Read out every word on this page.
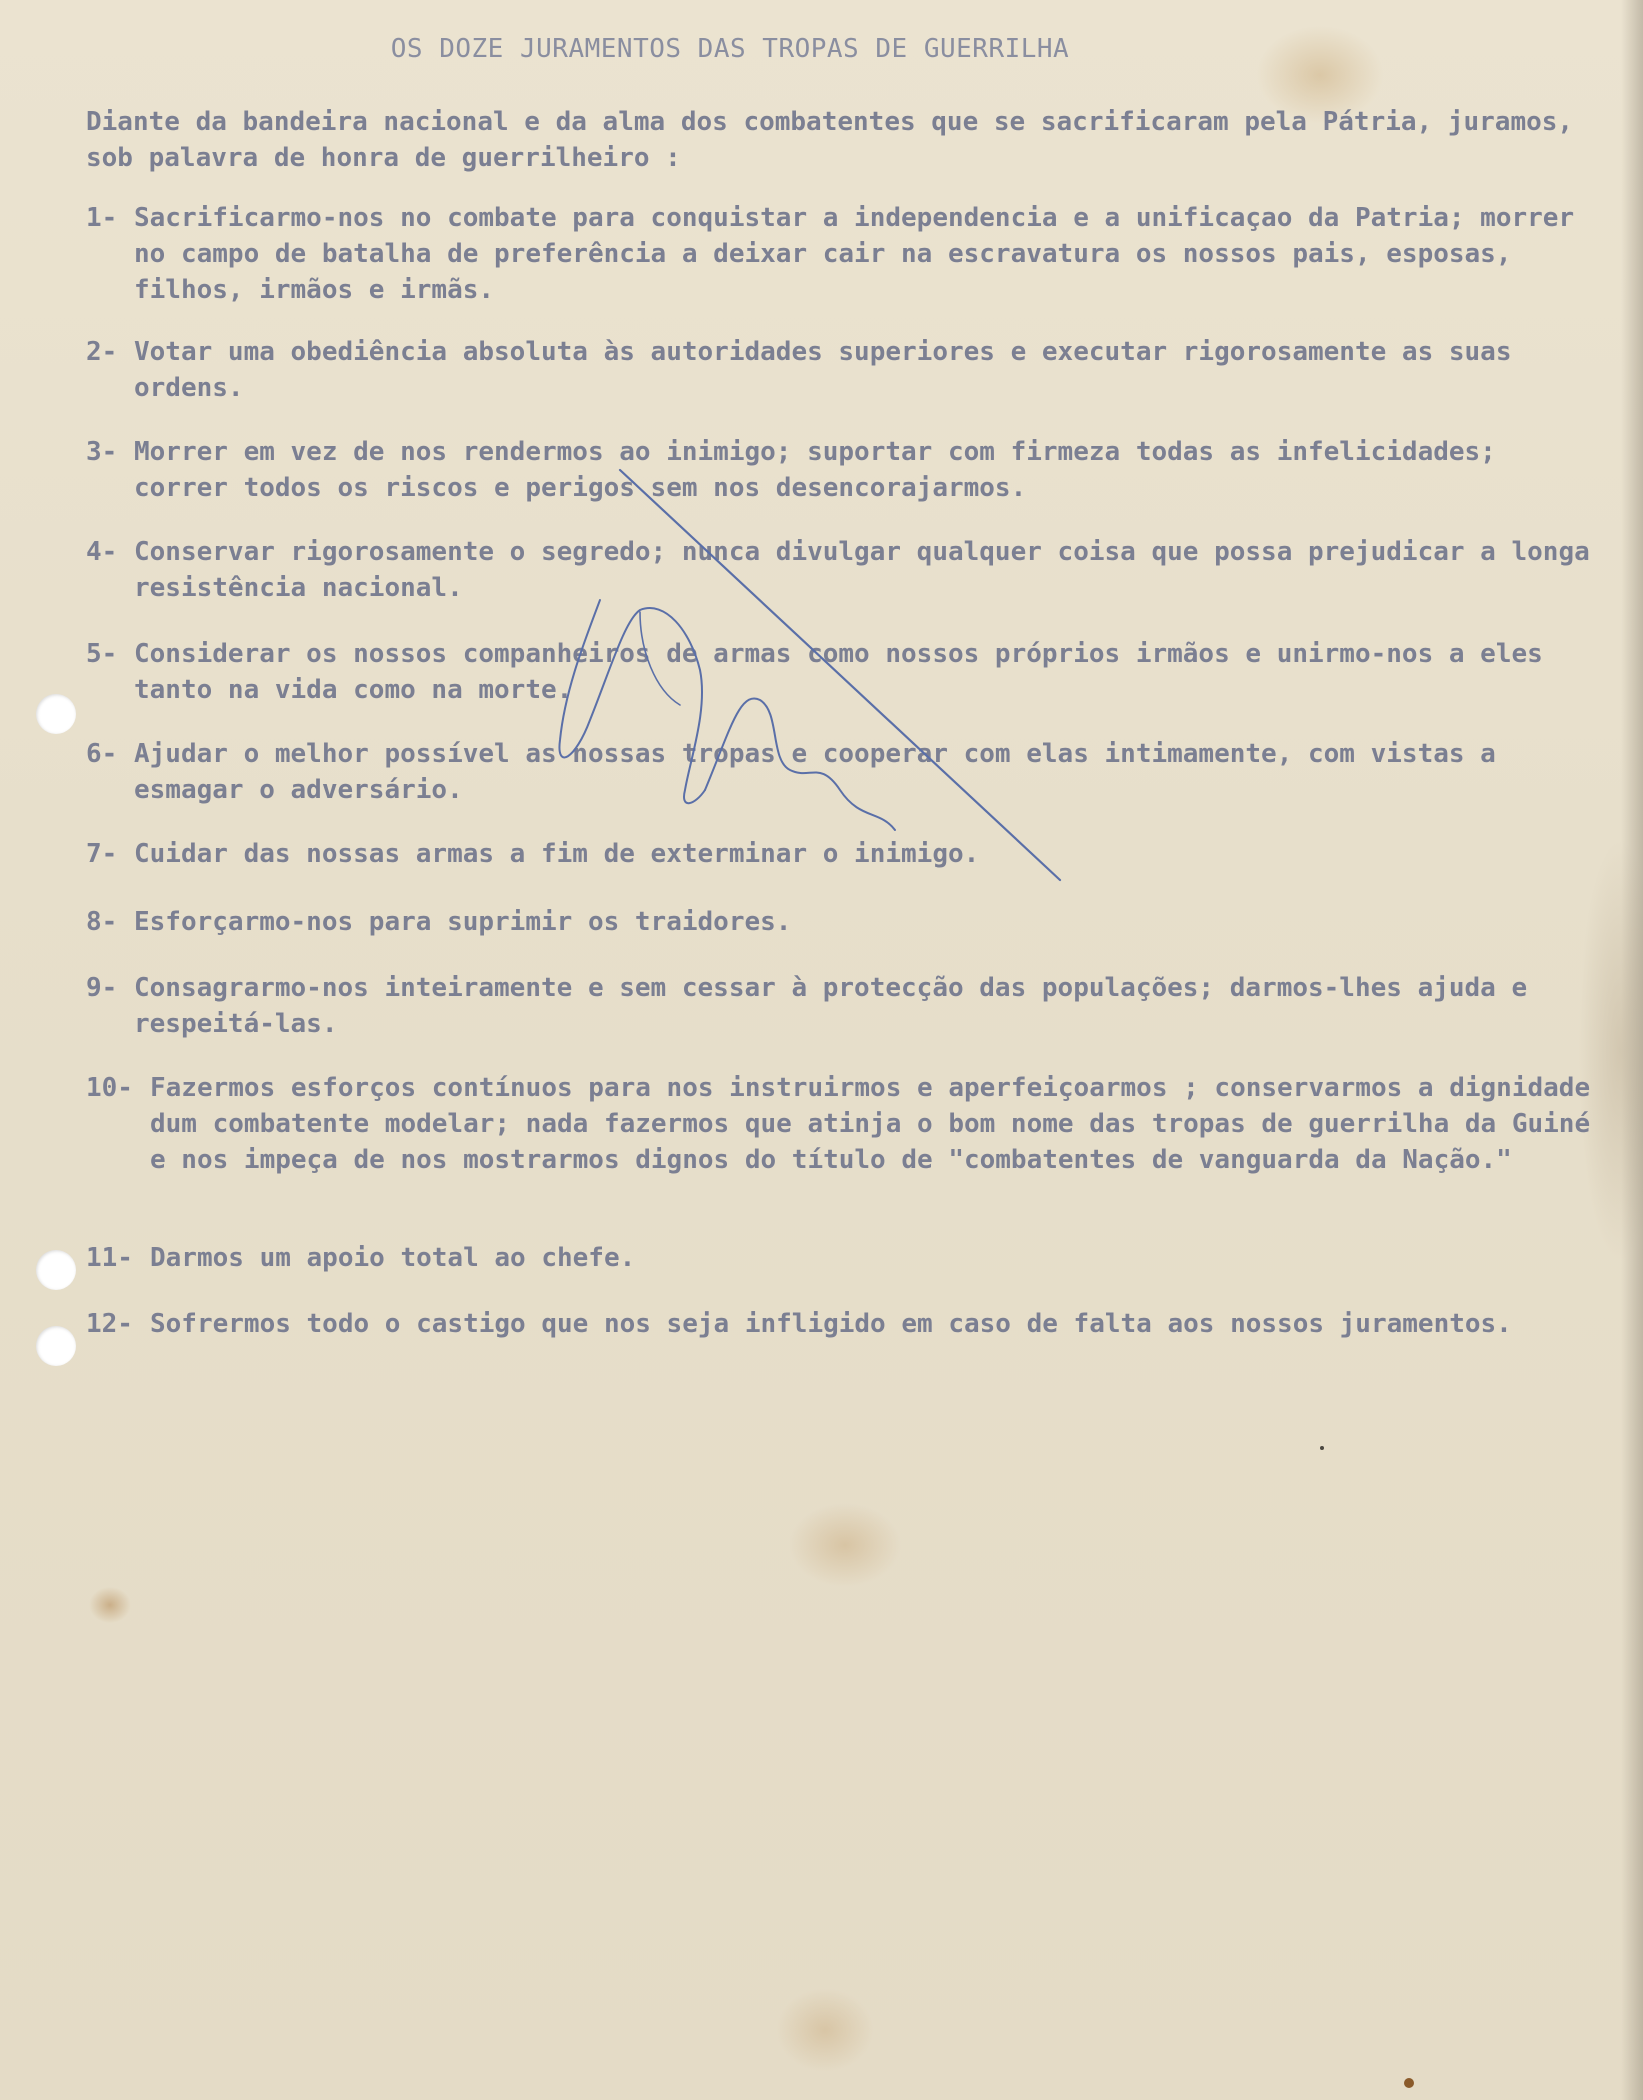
OS DOZE JURAMENTOS DAS TROPAS DE GUERRILHA

Diante da bandeira nacional e da alma dos combatentes que se sacrificaram pela Pátria, juramos, sob palavra de honra de guerrilheiro :

1- Sacrificarmo-nos no combate para conquistar a independencia e a unificaçao da Patria; morrer no campo de batalha de preferência a deixar cair na escravatura os nossos pais, esposas, filhos, irmãos e irmãs.
2- Votar uma obediência absoluta às autoridades superiores e executar rigorosamente as suas ordens.
3- Morrer em vez de nos rendermos ao inimigo; suportar com firmeza todas as infelicidades; correr todos os riscos e perigos sem nos desencorajarmos.
4- Conservar rigorosamente o segredo; nunca divulgar qualquer coisa que possa prejudicar a longa resistência nacional.
5- Considerar os nossos companheiros de armas como nossos próprios irmãos e unirmo-nos a eles tanto na vida como na morte.
6- Ajudar o melhor possível as nossas tropas e cooperar com elas intimamente, com vistas a esmagar o adversário.
7- Cuidar das nossas armas a fim de exterminar o inimigo.
8- Esforçarmo-nos para suprimir os traidores.
9- Consagrarmo-nos inteiramente e sem cessar à protecção das populações; darmos-lhes ajuda e respeitá-las.
10- Fazermos esforços contínuos para nos instruirmos e aperfeiçoarmos ; conservarmos a dignidade dum combatente modelar; nada fazermos que atinja o bom nome das tropas de guerrilha da Guiné e nos impeça de nos mostrarmos dignos do título de "combatentes de vanguarda da Nação."
11- Darmos um apoio total ao chefe.
12- Sofrermos todo o castigo que nos seja infligido em caso de falta aos nossos juramentos.
